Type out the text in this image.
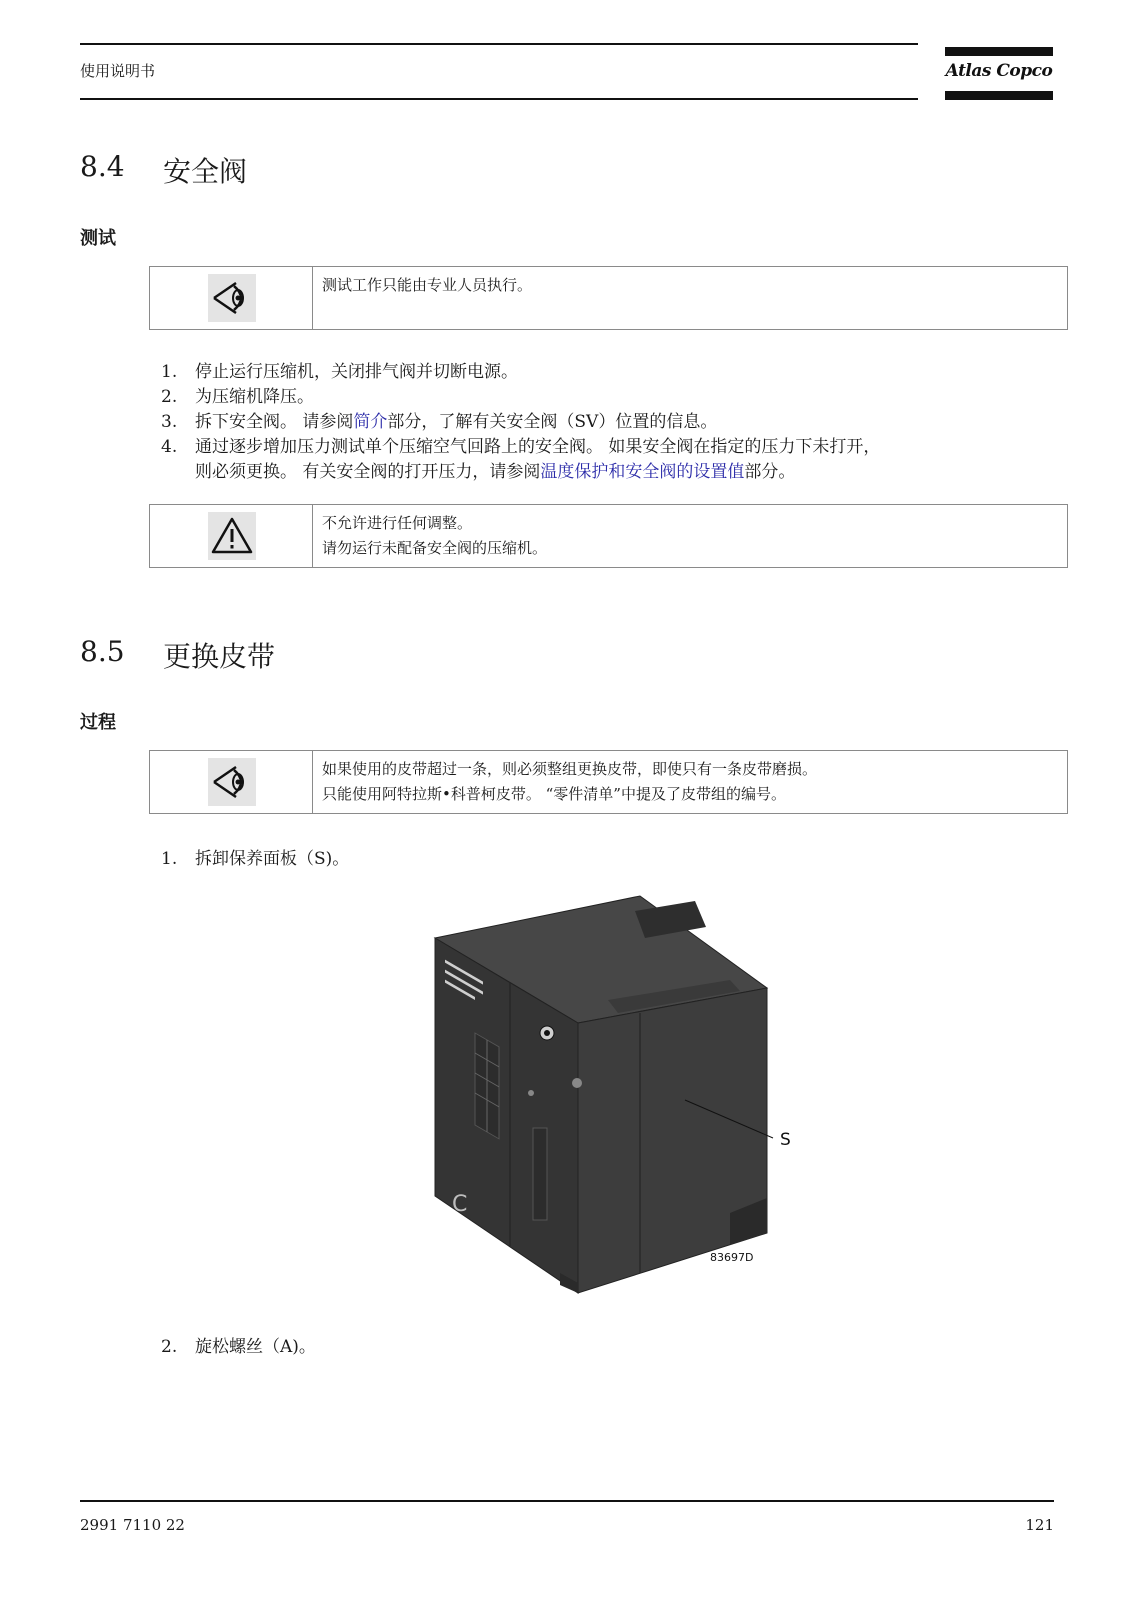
使用说明书	Atlas Copco
8.4 安全阀
测试
测试工作只能由专业人员执行。
1. 停止运行压缩机，关闭排气阀并切断电源。
2. 为压缩机降压。
3. 拆下安全阀。 请参阅简介部分，了解有关安全阀（SV）位置的信息。
4. 通过逐步增加压力测试单个压缩空气回路上的安全阀。 如果安全阀在指定的压力下未打开，
则必须更换。 有关安全阀的打开压力，请参阅温度保护和安全阀的设置值部分。
不允许进行任何调整。
请勿运行未配备安全阀的压缩机。
8.5 更换皮带
过程
如果使用的皮带超过一条，则必须整组更换皮带，即使只有一条皮带磨损。
只能使用阿特拉斯•科普柯皮带。 “零件清单”中提及了皮带组的编号。
1. 拆卸保养面板（S)。
C
S
83697D
2. 旋松螺丝（A)。
2991 7110 22	121
